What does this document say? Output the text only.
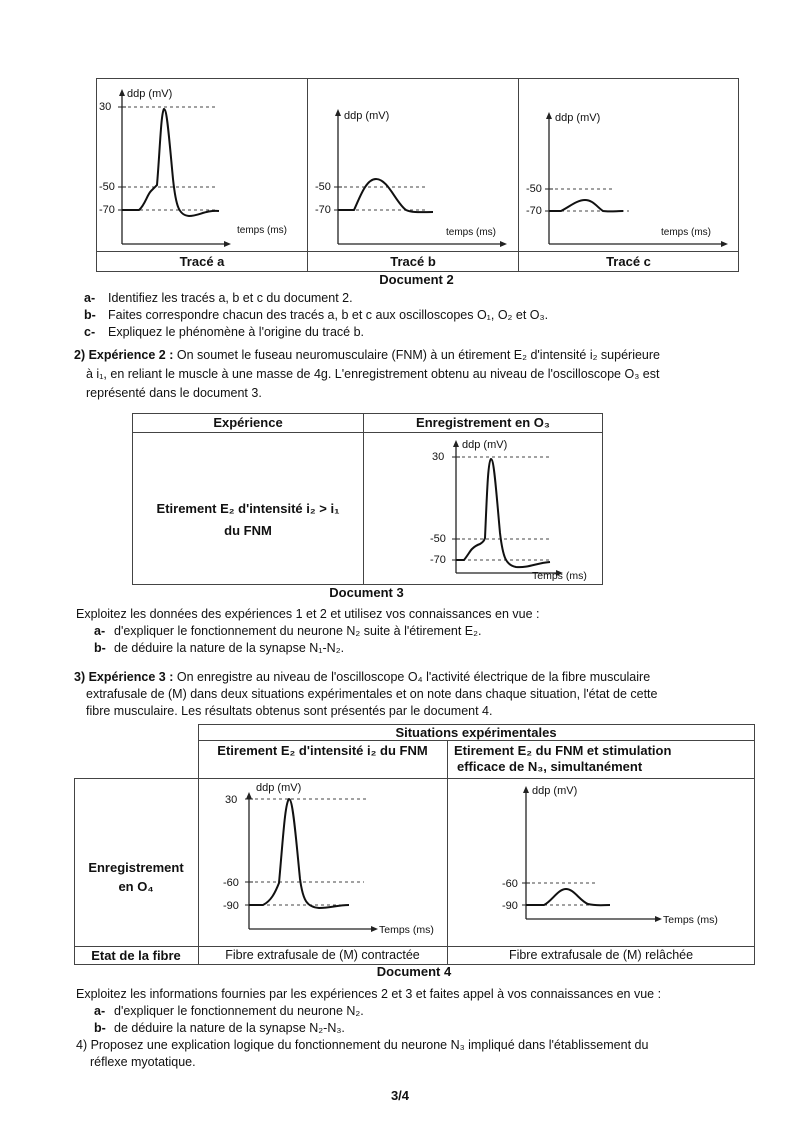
ddp (mV)
30
-50
-70
temps (ms)
ddp (mV)
-50
-70
temps (ms)
ddp (mV)
-50
-70
temps (ms)
Tracé a	Tracé b	Tracé c
Document 2
a- Identifiez les tracés a, b et c du document 2.
b- Faites correspondre chacun des tracés a, b et c aux oscilloscopes O₁, O₂ et O₃.
c- Expliquez le phénomène à l'origine du tracé b.
2) Expérience 2 : On soumet le fuseau neuromusculaire (FNM) à un étirement E₂ d'intensité i₂ supérieure
à i₁, en reliant le muscle à une masse de 4g. L'enregistrement obtenu au niveau de l'oscilloscope O₃ est
représenté dans le document 3.
Expérience	Enregistrement en O₃
Etirement E₂ d'intensité i₂ > i₁
du FNM
ddp (mV)
30
-50
-70
Temps (ms)
Document 3
Exploitez les données des expériences 1 et 2 et utilisez vos connaissances en vue :
a- d'expliquer le fonctionnement du neurone N₂ suite à l'étirement E₂.
b- de déduire la nature de la synapse N₁-N₂.
3) Expérience 3 : On enregistre au niveau de l'oscilloscope O₄ l'activité électrique de la fibre musculaire
extrafusale de (M) dans deux situations expérimentales et on note dans chaque situation, l'état de cette
fibre musculaire. Les résultats obtenus sont présentés par le document 4.
Situations expérimentales
Etirement E₂ d'intensité i₂ du FNM	Etirement E₂ du FNM et stimulation
efficace de N₃, simultanément
Enregistrement
en O₄
Etat de la fibre	Fibre extrafusale de (M) contractée	Fibre extrafusale de (M) relâchée
ddp (mV)
30
-60
-90
Temps (ms)
ddp (mV)
-60
-90
Temps (ms)
Document 4
Exploitez les informations fournies par les expériences 2 et 3 et faites appel à vos connaissances en vue :
a- d'expliquer le fonctionnement du neurone N₂.
b- de déduire la nature de la synapse N₂-N₃.
4) Proposez une explication logique du fonctionnement du neurone N₃ impliqué dans l'établissement du
réflexe myotatique.
3/4
